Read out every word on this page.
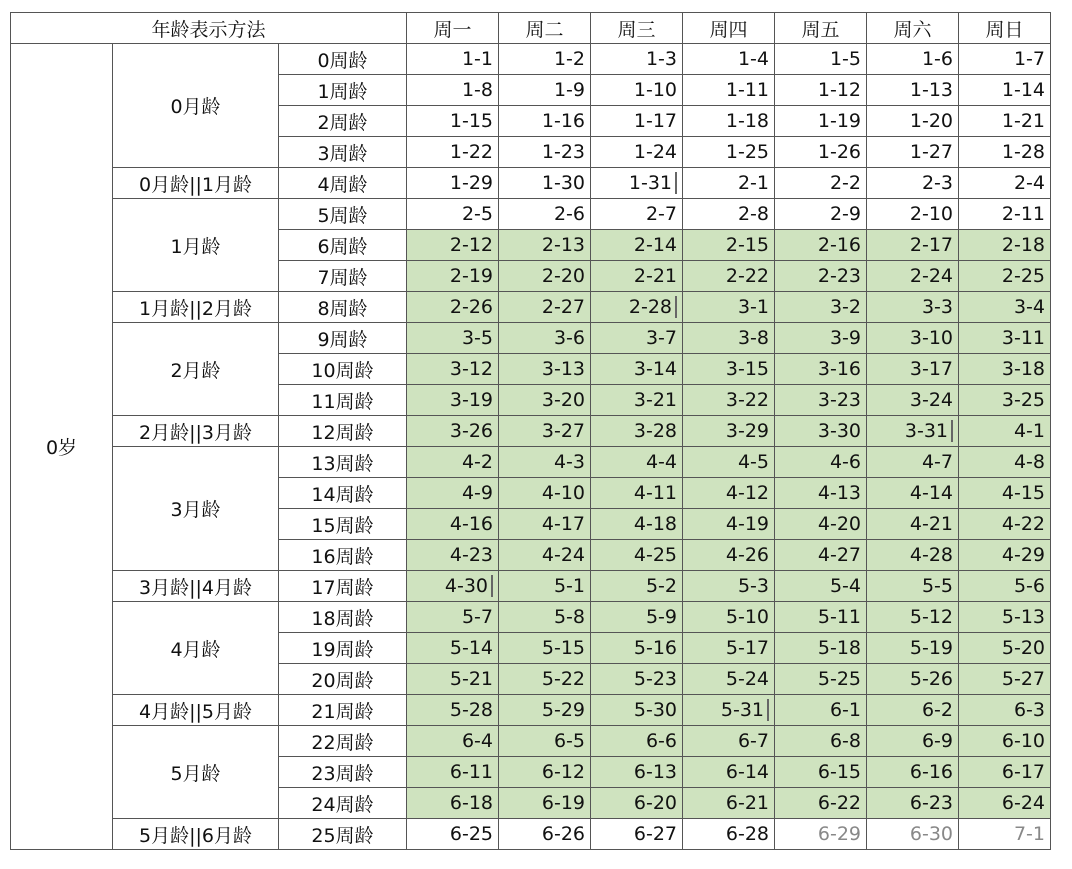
年龄表示方法			周一	周二	周三	周四	周五	周六	周日
0岁	0月龄	0周龄	1-1	1-2	1-3	1-4	1-5	1-6	1-7
		1周龄	1-8	1-9	1-10	1-11	1-12	1-13	1-14
		2周龄	1-15	1-16	1-17	1-18	1-19	1-20	1-21
		3周龄	1-22	1-23	1-24	1-25	1-26	1-27	1-28
	0月龄||1月龄	4周龄	1-29	1-30	1-31	2-1	2-2	2-3	2-4
	1月龄	5周龄	2-5	2-6	2-7	2-8	2-9	2-10	2-11
		6周龄	2-12	2-13	2-14	2-15	2-16	2-17	2-18
		7周龄	2-19	2-20	2-21	2-22	2-23	2-24	2-25
	1月龄||2月龄	8周龄	2-26	2-27	2-28	3-1	3-2	3-3	3-4
	2月龄	9周龄	3-5	3-6	3-7	3-8	3-9	3-10	3-11
		10周龄	3-12	3-13	3-14	3-15	3-16	3-17	3-18
		11周龄	3-19	3-20	3-21	3-22	3-23	3-24	3-25
	2月龄||3月龄	12周龄	3-26	3-27	3-28	3-29	3-30	3-31	4-1
	3月龄	13周龄	4-2	4-3	4-4	4-5	4-6	4-7	4-8
		14周龄	4-9	4-10	4-11	4-12	4-13	4-14	4-15
		15周龄	4-16	4-17	4-18	4-19	4-20	4-21	4-22
		16周龄	4-23	4-24	4-25	4-26	4-27	4-28	4-29
	3月龄||4月龄	17周龄	4-30	5-1	5-2	5-3	5-4	5-5	5-6
	4月龄	18周龄	5-7	5-8	5-9	5-10	5-11	5-12	5-13
		19周龄	5-14	5-15	5-16	5-17	5-18	5-19	5-20
		20周龄	5-21	5-22	5-23	5-24	5-25	5-26	5-27
	4月龄||5月龄	21周龄	5-28	5-29	5-30	5-31	6-1	6-2	6-3
	5月龄	22周龄	6-4	6-5	6-6	6-7	6-8	6-9	6-10
		23周龄	6-11	6-12	6-13	6-14	6-15	6-16	6-17
		24周龄	6-18	6-19	6-20	6-21	6-22	6-23	6-24
	5月龄||6月龄	25周龄	6-25	6-26	6-27	6-28	6-29	6-30	7-1
